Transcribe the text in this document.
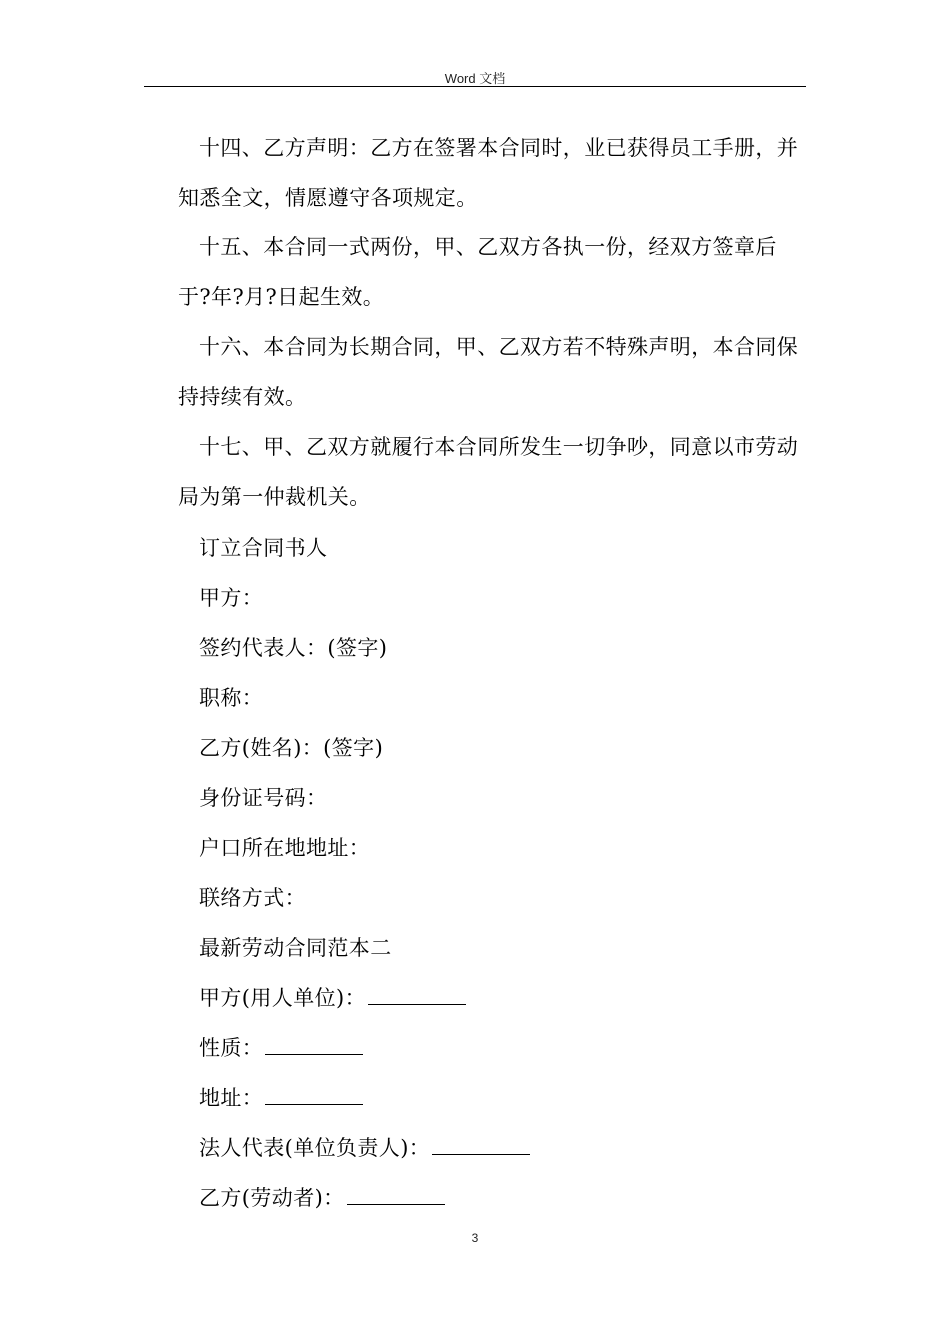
Word 文档
十四、乙方声明：乙方在签署本合同时，业已获得员工手册，并知悉全文，情愿遵守各项规定。
十五、本合同一式两份，甲、乙双方各执一份，经双方签章后于?年?月?日起生效。
十六、本合同为长期合同，甲、乙双方若不特殊声明，本合同保持持续有效。
十七、甲、乙双方就履行本合同所发生一切争吵，同意以市劳动局为第一仲裁机关。
订立合同书人
甲方：
签约代表人：(签字)
职称：
乙方(姓名)：(签字)
身份证号码：
户口所在地地址：
联络方式：
最新劳动合同范本二
甲方(用人单位)：
性质：
地址：
法人代表(单位负责人)：
乙方(劳动者)：
3
